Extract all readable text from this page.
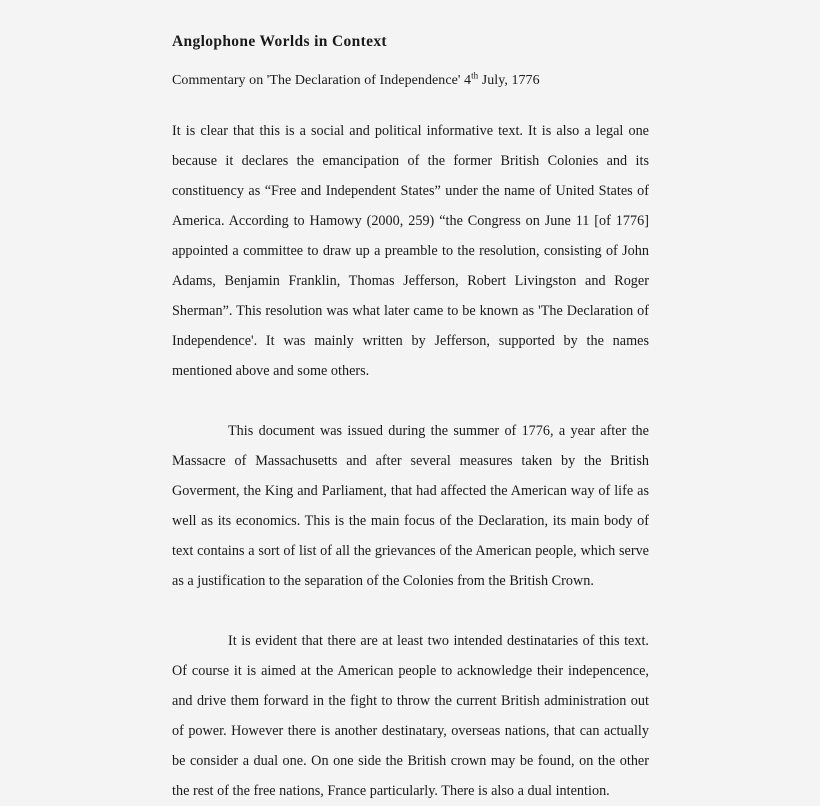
Anglophone Worlds in Context
Commentary on 'The Declaration of Independence' 4th July, 1776

It is clear that this is a social and political informative text. It is also a legal one because it declares the emancipation of the former British Colonies and its constituency as “Free and Independent States” under the name of United States of America. According to Hamowy (2000, 259) “the Congress on June 11 [of 1776] appointed a committee to draw up a preamble to the resolution, consisting of John Adams, Benjamin Franklin, Thomas Jefferson, Robert Livingston and Roger Sherman”. This resolution was what later came to be known as 'The Declaration of Independence'. It was mainly written by Jefferson, supported by the names mentioned above and some others.

This document was issued during the summer of 1776, a year after the Massacre of Massachusetts and after several measures taken by the British Goverment, the King and Parliament, that had affected the American way of life as well as its economics. This is the main focus of the Declaration, its main body of text contains a sort of list of all the grievances of the American people, which serve as a justification to the separation of the Colonies from the British Crown.

It is evident that there are at least two intended destinataries of this text. Of course it is aimed at the American people to acknowledge their indepencence, and drive them forward in the fight to throw the current British administration out of power. However there is another destinatary, overseas nations, that can actually be consider a dual one. On one side the British crown may be found, on the other the rest of the free nations, France particularly. There is also a dual intention.
